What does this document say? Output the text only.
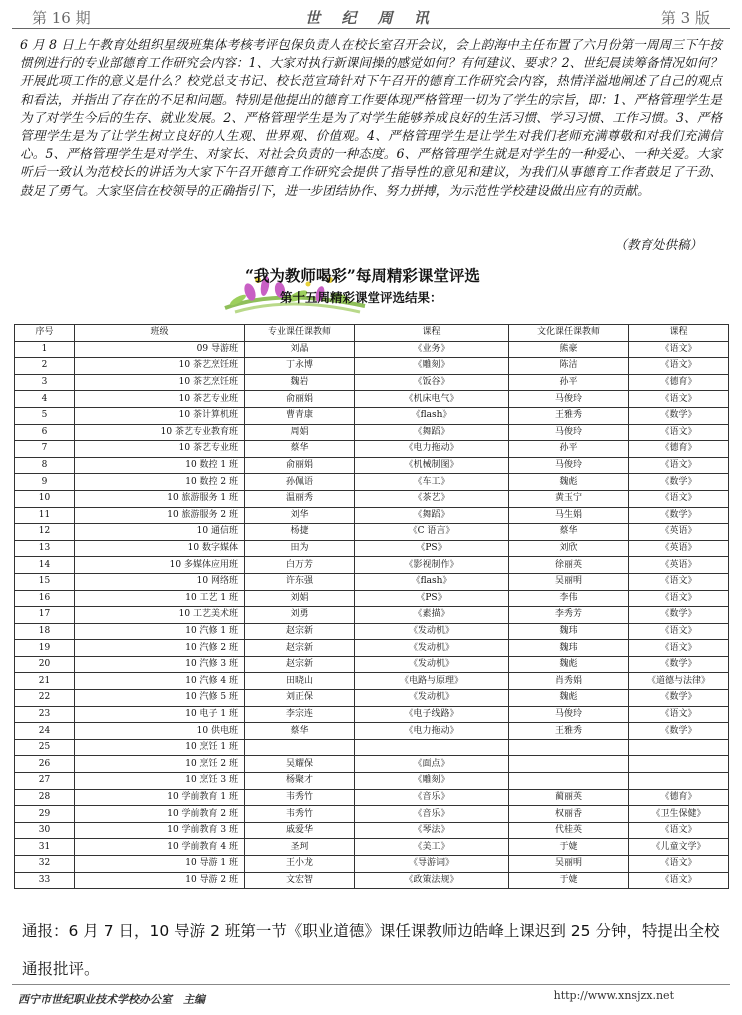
第 16 期	世 纪 周 讯	第 3 版
6 月 8 日上午教育处组织星级班集体考核考评包保负责人在校长室召开会议，会上韵海中主任布置了六月份第一周周三下午按惯例进行的专业部德育工作研究会内容：1、大家对执行新课间操的感觉如何？有何建议、要求？2、世纪晨读筹备情况如何？开展此项工作的意义是什么？校党总支书记、校长范宣琦针对下午召开的德育工作研究会内容，热情洋溢地阐述了自己的观点和看法，并指出了存在的不足和问题。特别是他提出的德育工作要体现严格管理一切为了学生的宗旨，即：1、严格管理学生是为了对学生今后的生存、就业发展。2、严格管理学生是为了对学生能够养成良好的生活习惯、学习习惯、工作习惯。3、严格管理学生是为了让学生树立良好的人生观、世界观、价值观。4、严格管理学生是让学生对我们老师充满尊敬和对我们充满信心。5、严格管理学生是对学生、对家长、对社会负责的一种态度。6、严格管理学生就是对学生的一种爱心、一种关爱。大家听后一致认为范校长的讲话为大家下午召开德育工作研究会提供了指导性的意见和建议，为我们从事德育工作者鼓足了干劲、鼓足了勇气。大家坚信在校领导的正确指引下，进一步团结协作、努力拼搏，为示范性学校建设做出应有的贡献。
（教育处供稿）
“我为教师喝彩”每周精彩课堂评选
第十五周精彩课堂评选结果：
序号	班级	专业课任课教师	课程	文化课任课教师	课程
1	09 导游班	刘晶	《业务》	熊豪	《语文》
2	10 茶艺烹饪班	丁永博	《雕刻》	陈洁	《语文》
3	10 茶艺烹饪班	魏岩	《饭谷》	孙平	《德育》
4	10 茶艺专业班	俞丽娟	《机床电气》	马俊玲	《语文》
5	10 茶计算机班	曹青康	《flash》	王雅秀	《数学》
6	10 茶艺专业教育班	周娟	《舞蹈》	马俊玲	《语文》
7	10 茶艺专业班	蔡华	《电力拖动》	孙平	《德育》
8	10 数控 1 班	俞丽娟	《机械制图》	马俊玲	《语文》
9	10 数控 2 班	孙佩语	《车工》	魏彪	《数学》
10	10 旅游服务 1 班	温丽秀	《茶艺》	黄玉宁	《语文》
11	10 旅游服务 2 班	刘华	《舞蹈》	马生娟	《数学》
12	10 通信班	杨捷	《C 语言》	蔡华	《英语》
13	10 数字媒体	田为	《PS》	刘欣	《英语》
14	10 多媒体应用班	白万芳	《影视制作》	徐丽英	《英语》
15	10 网络班	许东强	《flash》	吴丽明	《语文》
16	10 工艺 1 班	刘娟	《PS》	李伟	《语文》
17	10 工艺美术班	刘勇	《素描》	李秀芳	《数学》
18	10 汽修 1 班	赵宗新	《发动机》	魏玮	《语文》
19	10 汽修 2 班	赵宗新	《发动机》	魏玮	《语文》
20	10 汽修 3 班	赵宗新	《发动机》	魏彪	《数学》
21	10 汽修 4 班	田晓山	《电路与原理》	肖秀娟	《道德与法律》
22	10 汽修 5 班	刘正保	《发动机》	魏彪	《数学》
23	10 电子 1 班	李宗连	《电子线路》	马俊玲	《语文》
24	10 供电班	蔡华	《电力拖动》	王雅秀	《数学》
25	10 烹饪 1 班				
26	10 烹饪 2 班	吴耀保	《面点》		
27	10 烹饪 3 班	杨聚才	《雕刻》		
28	10 学前教育 1 班	韦秀竹	《音乐》	蔺丽英	《德育》
29	10 学前教育 2 班	韦秀竹	《音乐》	权丽香	《卫生保健》
30	10 学前教育 3 班	戚爱华	《琴法》	代桂英	《语文》
31	10 学前教育 4 班	圣珂	《美工》	于婕	《儿童文学》
32	10 导游 1 班	王小龙	《导游词》	吴丽明	《语文》
33	10 导游 2 班	文宏智	《政策法规》	于婕	《语文》
通报：6 月 7 日，10 导游 2 班第一节《职业道德》课任课教师边皓峰上课迟到 25 分钟，特提出全校通报批评。
西宁市世纪职业技术学校办公室　主编	http://www.xnsjzx.net
